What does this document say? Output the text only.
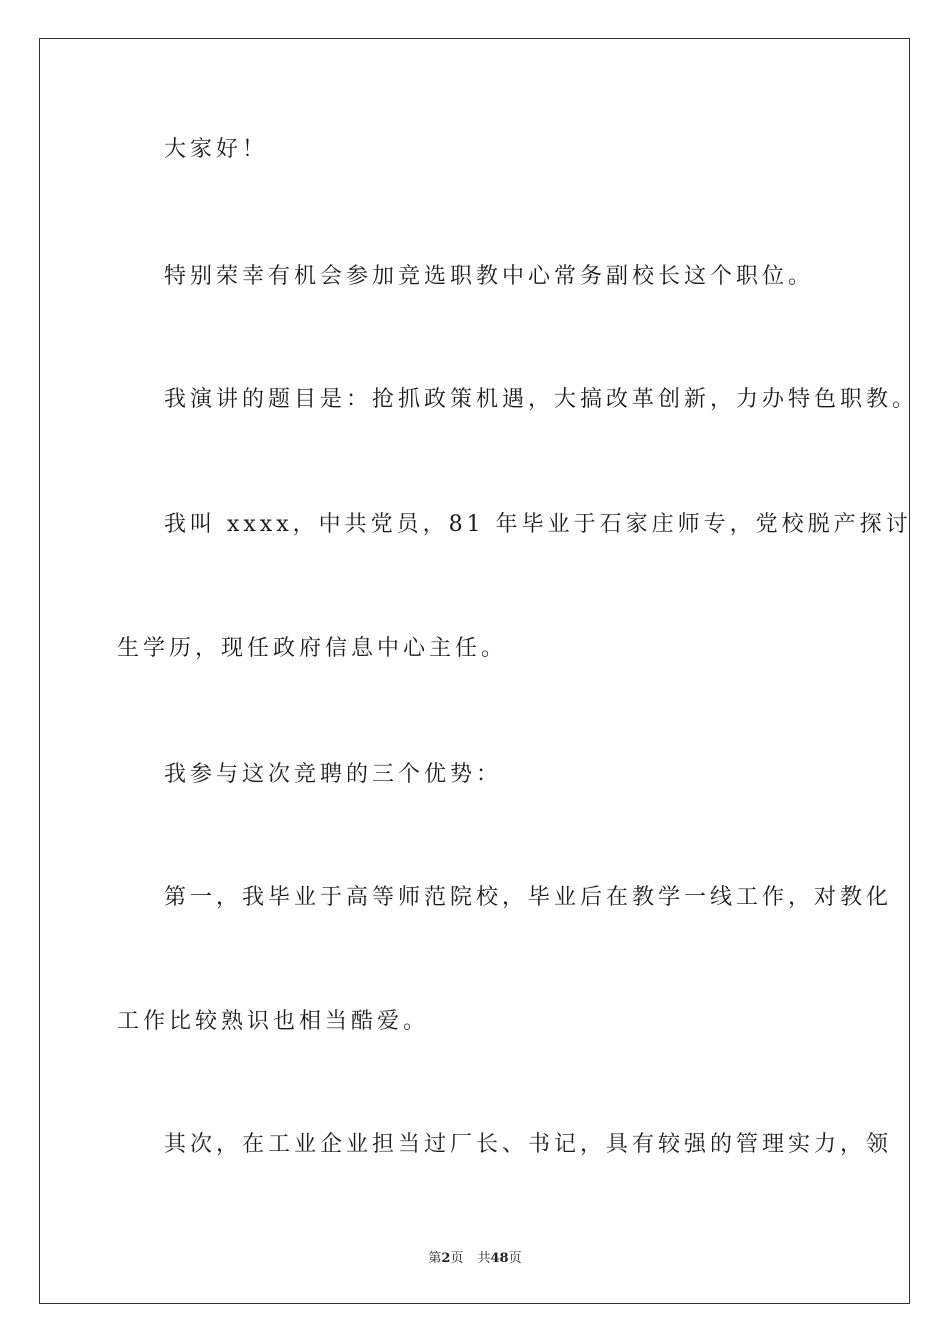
大家好！
特别荣幸有机会参加竞选职教中心常务副校长这个职位。
我演讲的题目是：抢抓政策机遇，大搞改革创新，力办特色职教。
我叫 xxxx，中共党员，81 年毕业于石家庄师专，党校脱产探讨
生学历，现任政府信息中心主任。
我参与这次竞聘的三个优势：
第一，我毕业于高等师范院校，毕业后在教学一线工作，对教化
工作比较熟识也相当酷爱。
其次，在工业企业担当过厂长、书记，具有较强的管理实力，领
第2页 共48页
